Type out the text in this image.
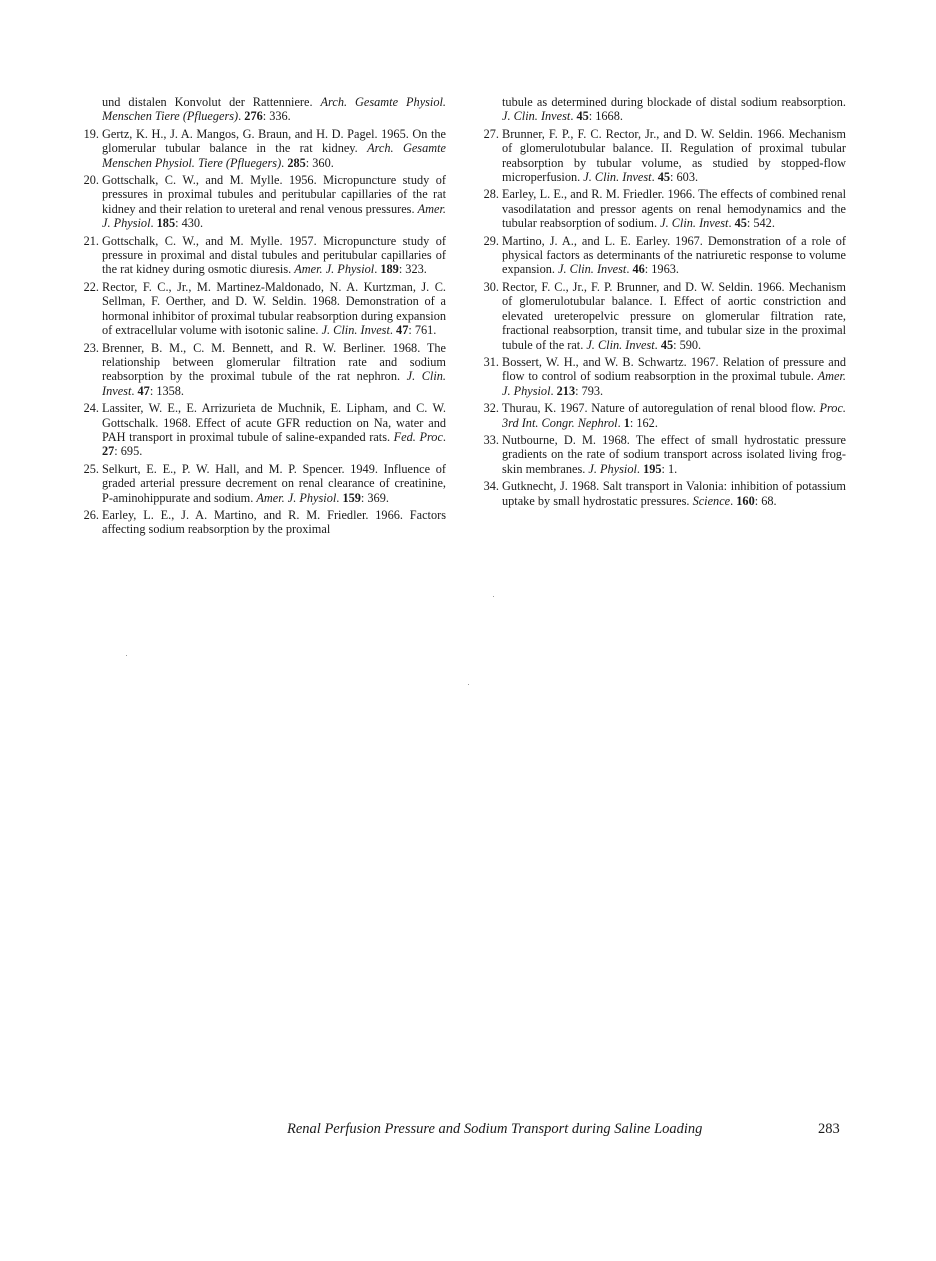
und distalen Konvolut der Rattenniere. Arch. Gesamte Physiol. Menschen Tiere (Pfluegers). 276: 336.
19. Gertz, K. H., J. A. Mangos, G. Braun, and H. D. Pagel. 1965. On the glomerular tubular balance in the rat kidney. Arch. Gesamte Menschen Physiol. Tiere (Pfluegers). 285: 360.
20. Gottschalk, C. W., and M. Mylle. 1956. Micropuncture study of pressures in proximal tubules and peritubular capillaries of the rat kidney and their relation to ureteral and renal venous pressures. Amer. J. Physiol. 185: 430.
21. Gottschalk, C. W., and M. Mylle. 1957. Micropuncture study of pressure in proximal and distal tubules and peritubular capillaries of the rat kidney during osmotic diuresis. Amer. J. Physiol. 189: 323.
22. Rector, F. C., Jr., M. Martinez-Maldonado, N. A. Kurtzman, J. C. Sellman, F. Oerther, and D. W. Seldin. 1968. Demonstration of a hormonal inhibitor of proximal tubular reabsorption during expansion of extracellular volume with isotonic saline. J. Clin. Invest. 47: 761.
23. Brenner, B. M., C. M. Bennett, and R. W. Berliner. 1968. The relationship between glomerular filtration rate and sodium reabsorption by the proximal tubule of the rat nephron. J. Clin. Invest. 47: 1358.
24. Lassiter, W. E., E. Arrizurieta de Muchnik, E. Lipham, and C. W. Gottschalk. 1968. Effect of acute GFR reduction on Na, water and PAH transport in proximal tubule of saline-expanded rats. Fed. Proc. 27: 695.
25. Selkurt, E. E., P. W. Hall, and M. P. Spencer. 1949. Influence of graded arterial pressure decrement on renal clearance of creatinine, P-aminohippurate and sodium. Amer. J. Physiol. 159: 369.
26. Earley, L. E., J. A. Martino, and R. M. Friedler. 1966. Factors affecting sodium reabsorption by the proximal
tubule as determined during blockade of distal sodium reabsorption. J. Clin. Invest. 45: 1668.
27. Brunner, F. P., F. C. Rector, Jr., and D. W. Seldin. 1966. Mechanism of glomerulotubular balance. II. Regulation of proximal tubular reabsorption by tubular volume, as studied by stopped-flow microperfusion. J. Clin. Invest. 45: 603.
28. Earley, L. E., and R. M. Friedler. 1966. The effects of combined renal vasodilatation and pressor agents on renal hemodynamics and the tubular reabsorption of sodium. J. Clin. Invest. 45: 542.
29. Martino, J. A., and L. E. Earley. 1967. Demonstration of a role of physical factors as determinants of the natriuretic response to volume expansion. J. Clin. Invest. 46: 1963.
30. Rector, F. C., Jr., F. P. Brunner, and D. W. Seldin. 1966. Mechanism of glomerulotubular balance. I. Effect of aortic constriction and elevated ureteropelvic pressure on glomerular filtration rate, fractional reabsorption, transit time, and tubular size in the proximal tubule of the rat. J. Clin. Invest. 45: 590.
31. Bossert, W. H., and W. B. Schwartz. 1967. Relation of pressure and flow to control of sodium reabsorption in the proximal tubule. Amer. J. Physiol. 213: 793.
32. Thurau, K. 1967. Nature of autoregulation of renal blood flow. Proc. 3rd Int. Congr. Nephrol. 1: 162.
33. Nutbourne, D. M. 1968. The effect of small hydrostatic pressure gradients on the rate of sodium transport across isolated living frog-skin membranes. J. Physiol. 195: 1.
34. Gutknecht, J. 1968. Salt transport in Valonia: inhibition of potassium uptake by small hydrostatic pressures. Science. 160: 68.
Renal Perfusion Pressure and Sodium Transport during Saline Loading	283
